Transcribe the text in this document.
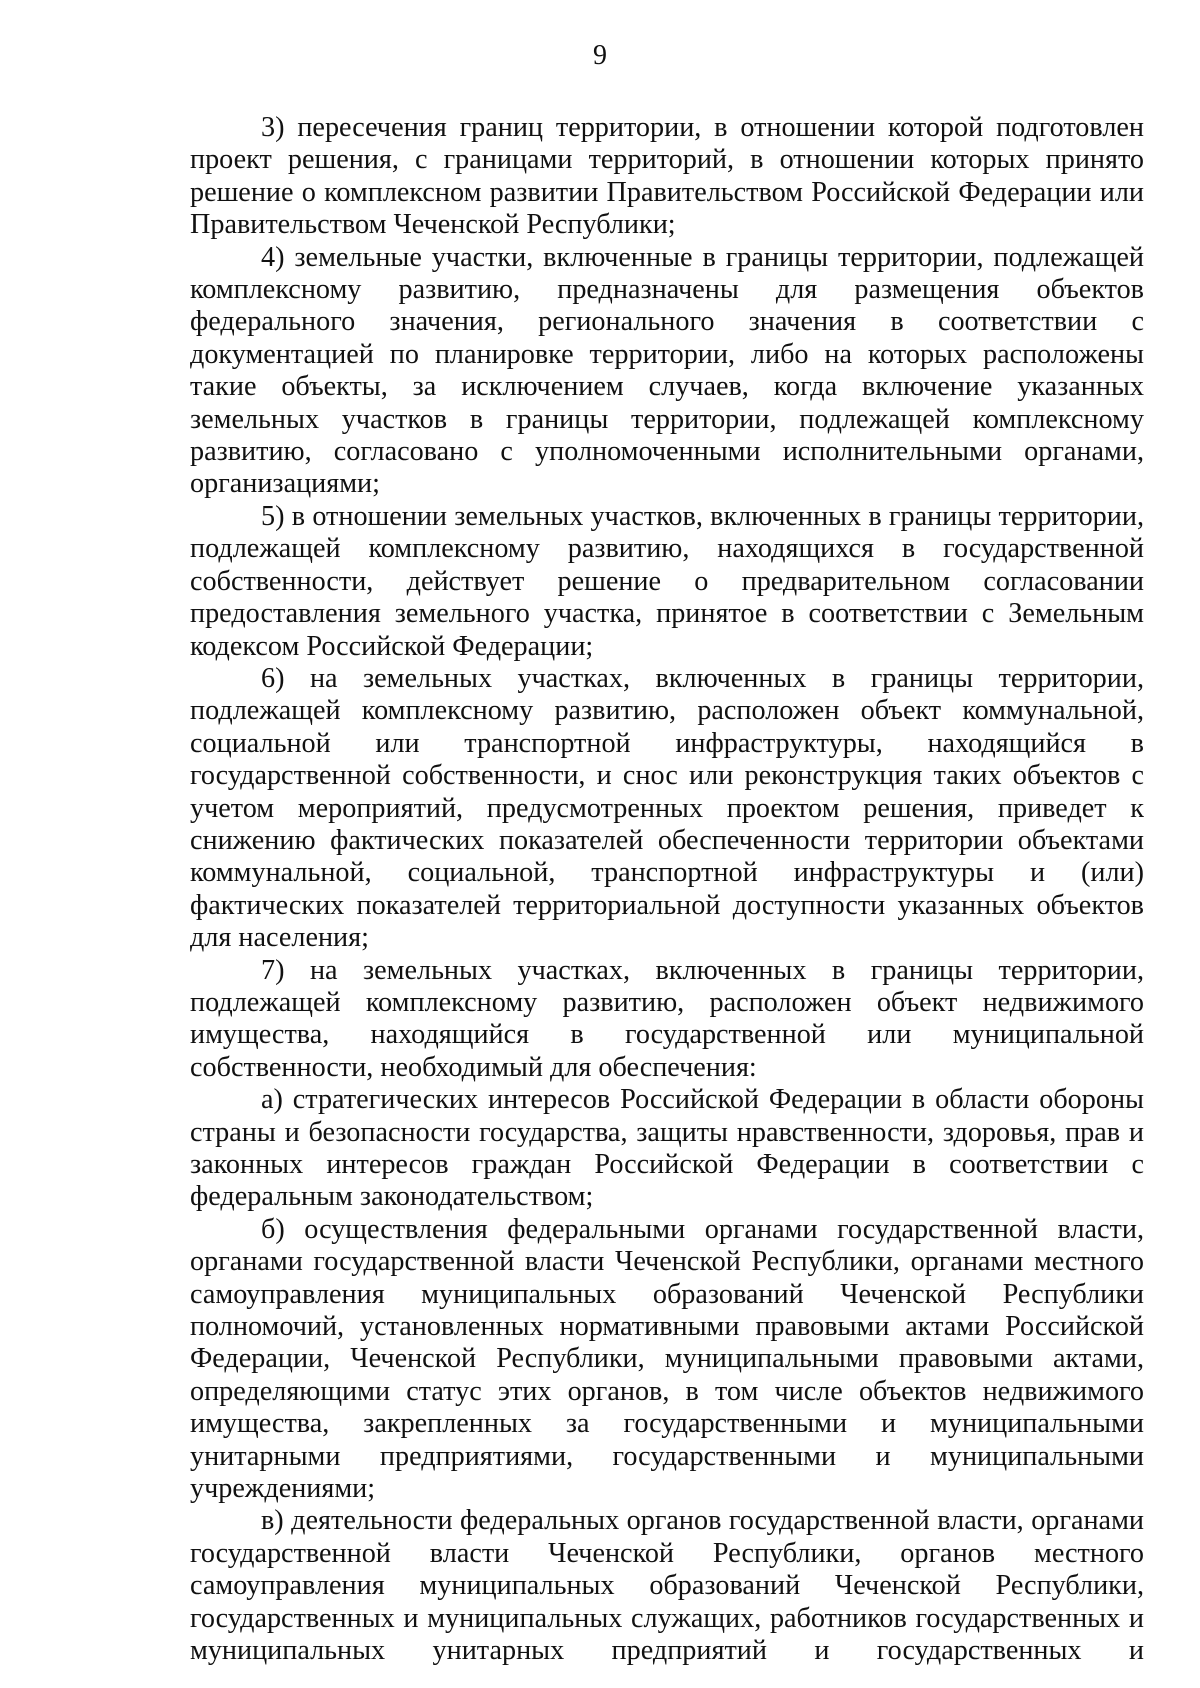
9

3) пересечения границ территории, в отношении которой подготовлен проект решения, с границами территорий, в отношении которых принято решение о комплексном развитии Правительством Российской Федерации или Правительством Чеченской Республики;

4) земельные участки, включенные в границы территории, подлежащей комплексному развитию, предназначены для размещения объектов федерального значения, регионального значения в соответствии с документацией по планировке территории, либо на которых расположены такие объекты, за исключением случаев, когда включение указанных земельных участков в границы территории, подлежащей комплексному развитию, согласовано с уполномоченными исполнительными органами, организациями;

5) в отношении земельных участков, включенных в границы территории, подлежащей комплексному развитию, находящихся в государственной собственности, действует решение о предварительном согласовании предоставления земельного участка, принятое в соответствии с Земельным кодексом Российской Федерации;

6) на земельных участках, включенных в границы территории, подлежащей комплексному развитию, расположен объект коммунальной, социальной или транспортной инфраструктуры, находящийся в государственной собственности, и снос или реконструкция таких объектов с учетом мероприятий, предусмотренных проектом решения, приведет к снижению фактических показателей обеспеченности территории объектами коммунальной, социальной, транспортной инфраструктуры и (или) фактических показателей территориальной доступности указанных объектов для населения;

7) на земельных участках, включенных в границы территории, подлежащей комплексному развитию, расположен объект недвижимого имущества, находящийся в государственной или муниципальной собственности, необходимый для обеспечения:

а) стратегических интересов Российской Федерации в области обороны страны и безопасности государства, защиты нравственности, здоровья, прав и законных интересов граждан Российской Федерации в соответствии с федеральным законодательством;

б) осуществления федеральными органами государственной власти, органами государственной власти Чеченской Республики, органами местного самоуправления муниципальных образований Чеченской Республики полномочий, установленных нормативными правовыми актами Российской Федерации, Чеченской Республики, муниципальными правовыми актами, определяющими статус этих органов, в том числе объектов недвижимого имущества, закрепленных за государственными и муниципальными унитарными предприятиями, государственными и муниципальными учреждениями;

в) деятельности федеральных органов государственной власти, органами государственной власти Чеченской Республики, органов местного самоуправления муниципальных образований Чеченской Республики, государственных и муниципальных служащих, работников государственных и муниципальных унитарных предприятий и государственных и
